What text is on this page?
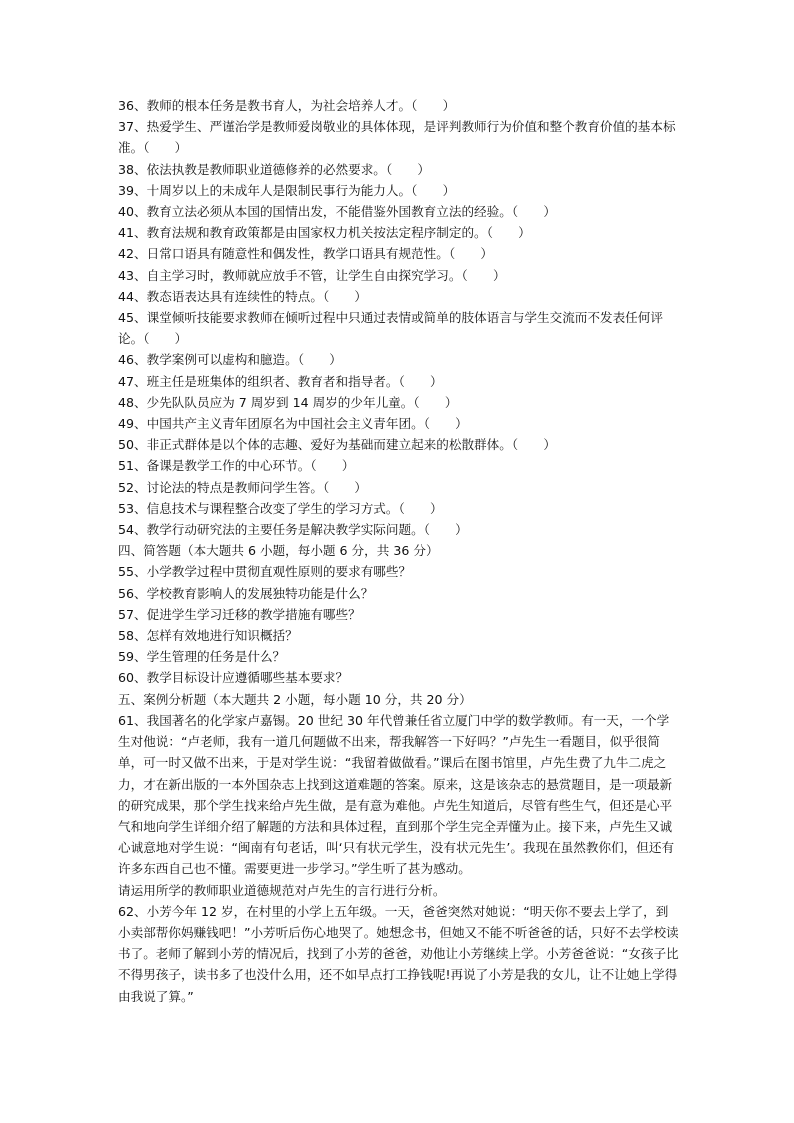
36、教师的根本任务是教书育人，为社会培养人才。（　　）

37、热爱学生、严谨治学是教师爱岗敬业的具体体现，是评判教师行为价值和整个教育价值的基本标准。（　　）

38、依法执教是教师职业道德修养的必然要求。（　　）

39、十周岁以上的未成年人是限制民事行为能力人。（　　）

40、教育立法必须从本国的国情出发，不能借鉴外国教育立法的经验。（　　）

41、教育法规和教育政策都是由国家权力机关按法定程序制定的。（　　）

42、日常口语具有随意性和偶发性，教学口语具有规范性。（　　）

43、自主学习时，教师就应放手不管，让学生自由探究学习。（　　）

44、教态语表达具有连续性的特点。（　　）

45、课堂倾听技能要求教师在倾听过程中只通过表情或简单的肢体语言与学生交流而不发表任何评论。（　　）

46、教学案例可以虚构和臆造。（　　）

47、班主任是班集体的组织者、教育者和指导者。（　　）

48、少先队队员应为 7 周岁到 14 周岁的少年儿童。（　　）

49、中国共产主义青年团原名为中国社会主义青年团。（　　）

50、非正式群体是以个体的志趣、爱好为基础而建立起来的松散群体。（　　）

51、备课是教学工作的中心环节。（　　）

52、讨论法的特点是教师问学生答。（　　）

53、信息技术与课程整合改变了学生的学习方式。（　　）

54、教学行动研究法的主要任务是解决教学实际问题。（　　）

四、简答题（本大题共 6 小题，每小题 6 分，共 36 分）

55、小学教学过程中贯彻直观性原则的要求有哪些？

56、学校教育影响人的发展独特功能是什么？

57、促进学生学习迁移的教学措施有哪些？

58、怎样有效地进行知识概括？

59、学生管理的任务是什么？

60、教学目标设计应遵循哪些基本要求？

五、案例分析题（本大题共 2 小题，每小题 10 分，共 20 分）

61、我国著名的化学家卢嘉锡。20 世纪 30 年代曾兼任省立厦门中学的数学教师。有一天，一个学生对他说：“卢老师，我有一道几何题做不出来，帮我解答一下好吗？”卢先生一看题目，似乎很简单，可一时又做不出来，于是对学生说：“我留着做做看。”课后在图书馆里，卢先生费了九牛二虎之力，才在新出版的一本外国杂志上找到这道难题的答案。原来，这是该杂志的悬赏题目，是一项最新的研究成果，那个学生找来给卢先生做，是有意为难他。卢先生知道后，尽管有些生气，但还是心平气和地向学生详细介绍了解题的方法和具体过程，直到那个学生完全弄懂为止。接下来，卢先生又诚心诚意地对学生说：“闽南有句老话，叫‘只有状元学生，没有状元先生’。我现在虽然教你们，但还有许多东西自己也不懂。需要更进一步学习。”学生听了甚为感动。

请运用所学的教师职业道德规范对卢先生的言行进行分析。

62、小芳今年 12 岁，在村里的小学上五年级。一天，爸爸突然对她说：“明天你不要去上学了，到小卖部帮你妈赚钱吧！”小芳听后伤心地哭了。她想念书，但她又不能不听爸爸的话，只好不去学校读书了。老师了解到小芳的情况后，找到了小芳的爸爸，劝他让小芳继续上学。小芳爸爸说：“女孩子比不得男孩子，读书多了也没什么用，还不如早点打工挣钱呢!再说了小芳是我的女儿，让不让她上学得由我说了算。”
